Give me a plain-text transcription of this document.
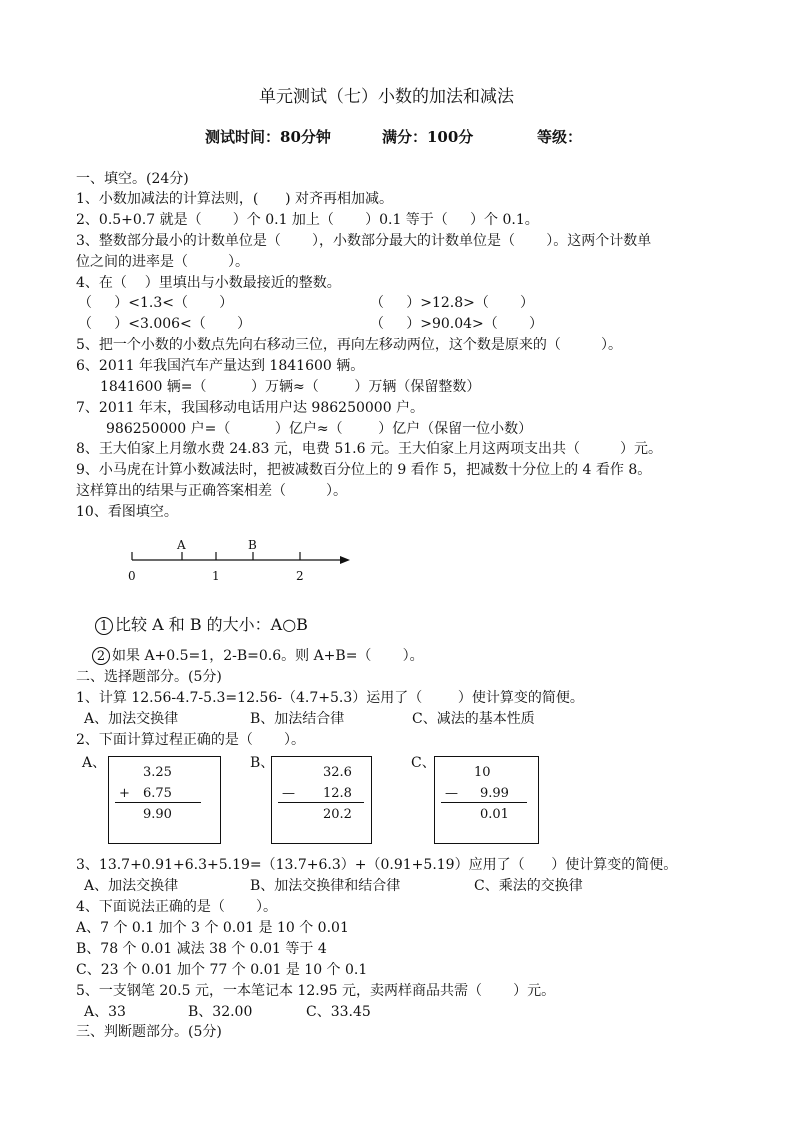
单元测试（七）小数的加法和减法
测试时间：80分钟	满分：100分	等级：
一、填空。(24分)
1、小数加减法的计算法则，(      ) 对齐再相加减。
2、0.5+0.7 就是（       ）个 0.1 加上（       ）0.1 等于（     ）个 0.1。
3、整数部分最小的计数单位是（       ），小数部分最大的计数单位是（       ）。这两个计数单
位之间的进率是（         ）。
4、在（    ）里填出与小数最接近的整数。
（     ）<1.3<（       ）	（     ）>12.8>（       ）
（     ）<3.006<（       ）	（     ）>90.04>（       ）
5、把一个小数的小数点先向右移动三位，再向左移动两位，这个数是原来的（         ）。
6、2011 年我国汽车产量达到 1841600 辆。
1841600 辆=（          ）万辆≈（        ）万辆（保留整数）
7、2011 年末，我国移动电话用户达 986250000 户。
986250000 户=（          ）亿户≈（        ）亿户（保留一位小数）
8、王大伯家上月缴水费 24.83 元，电费 51.6 元。王大伯家上月这两项支出共（         ）元。
9、小马虎在计算小数减法时，把被减数百分位上的 9 看作 5，把减数十分位上的 4 看作 8。
这样算出的结果与正确答案相差（         ）。
10、看图填空。
A	B
0	1	2
1 比较 A 和 B 的大小：A○B
2 如果 A+0.5=1，2-B=0.6。则 A+B=（       ）。
二、选择题部分。(5分)
1、计算 12.56-4.7-5.3=12.56-（4.7+5.3）运用了（        ）使计算变的简便。
A、加法交换律	B、加法结合律	C、减法的基本性质
2、下面计算过程正确的是（       ）。
A、
3.25
+ 6.75
9.90
B、
32.6
— 12.8
20.2
C、
10
— 9.99
0.01
3、13.7+0.91+6.3+5.19=（13.7+6.3）+（0.91+5.19）应用了（      ）使计算变的简便。
A、加法交换律	B、加法交换律和结合律	C、乘法的交换律
4、下面说法正确的是（       ）。
A、7 个 0.1 加个 3 个 0.01 是 10 个 0.01
B、78 个 0.01 减法 38 个 0.01 等于 4
C、23 个 0.01 加个 77 个 0.01 是 10 个 0.1
5、一支钢笔 20.5 元，一本笔记本 12.95 元，卖两样商品共需（       ）元。
A、33	B、32.00	C、33.45
三、判断题部分。(5分)
